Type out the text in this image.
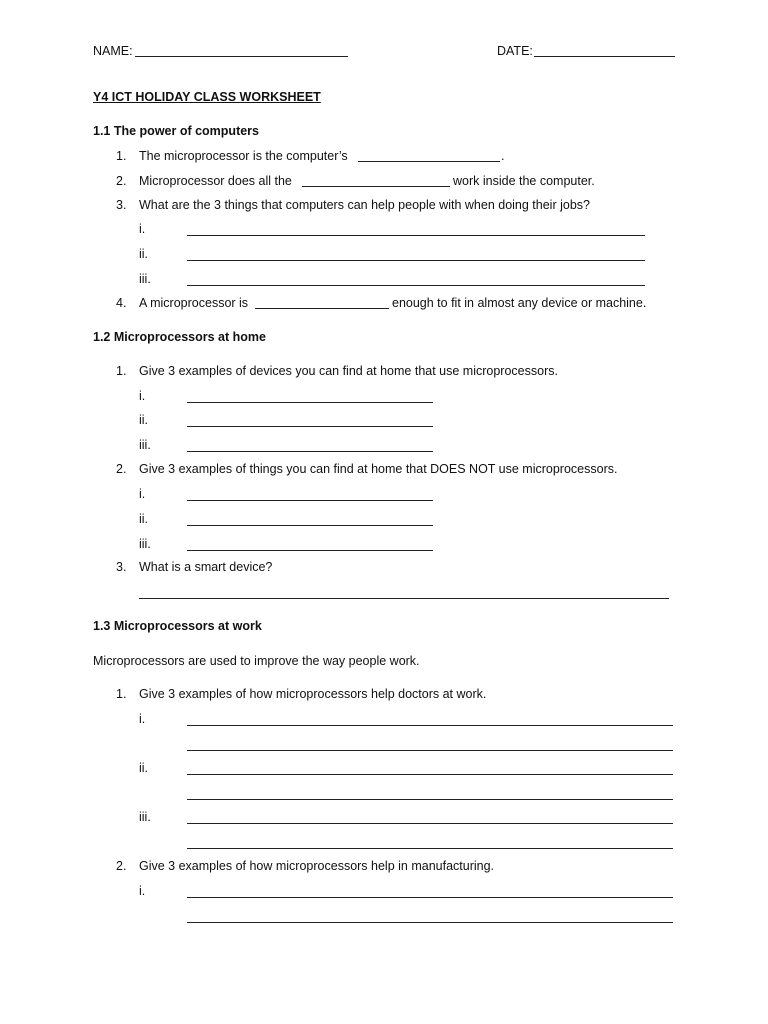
NAME:	DATE:
Y4 ICT HOLIDAY CLASS WORKSHEET
1.1 The power of computers
1. The microprocessor is the computer’s	.
2. Microprocessor does all the	work inside the computer.
3. What are the 3 things that computers can help people with when doing their jobs?
i.
ii.
iii.
4. A microprocessor is	enough to fit in almost any device or machine.
1.2 Microprocessors at home
1. Give 3 examples of devices you can find at home that use microprocessors.
i.
ii.
iii.
2. Give 3 examples of things you can find at home that DOES NOT use microprocessors.
i.
ii.
iii.
3. What is a smart device?
1.3 Microprocessors at work
Microprocessors are used to improve the way people work.
1. Give 3 examples of how microprocessors help doctors at work.
i.
ii.
iii.
2. Give 3 examples of how microprocessors help in manufacturing.
i.
